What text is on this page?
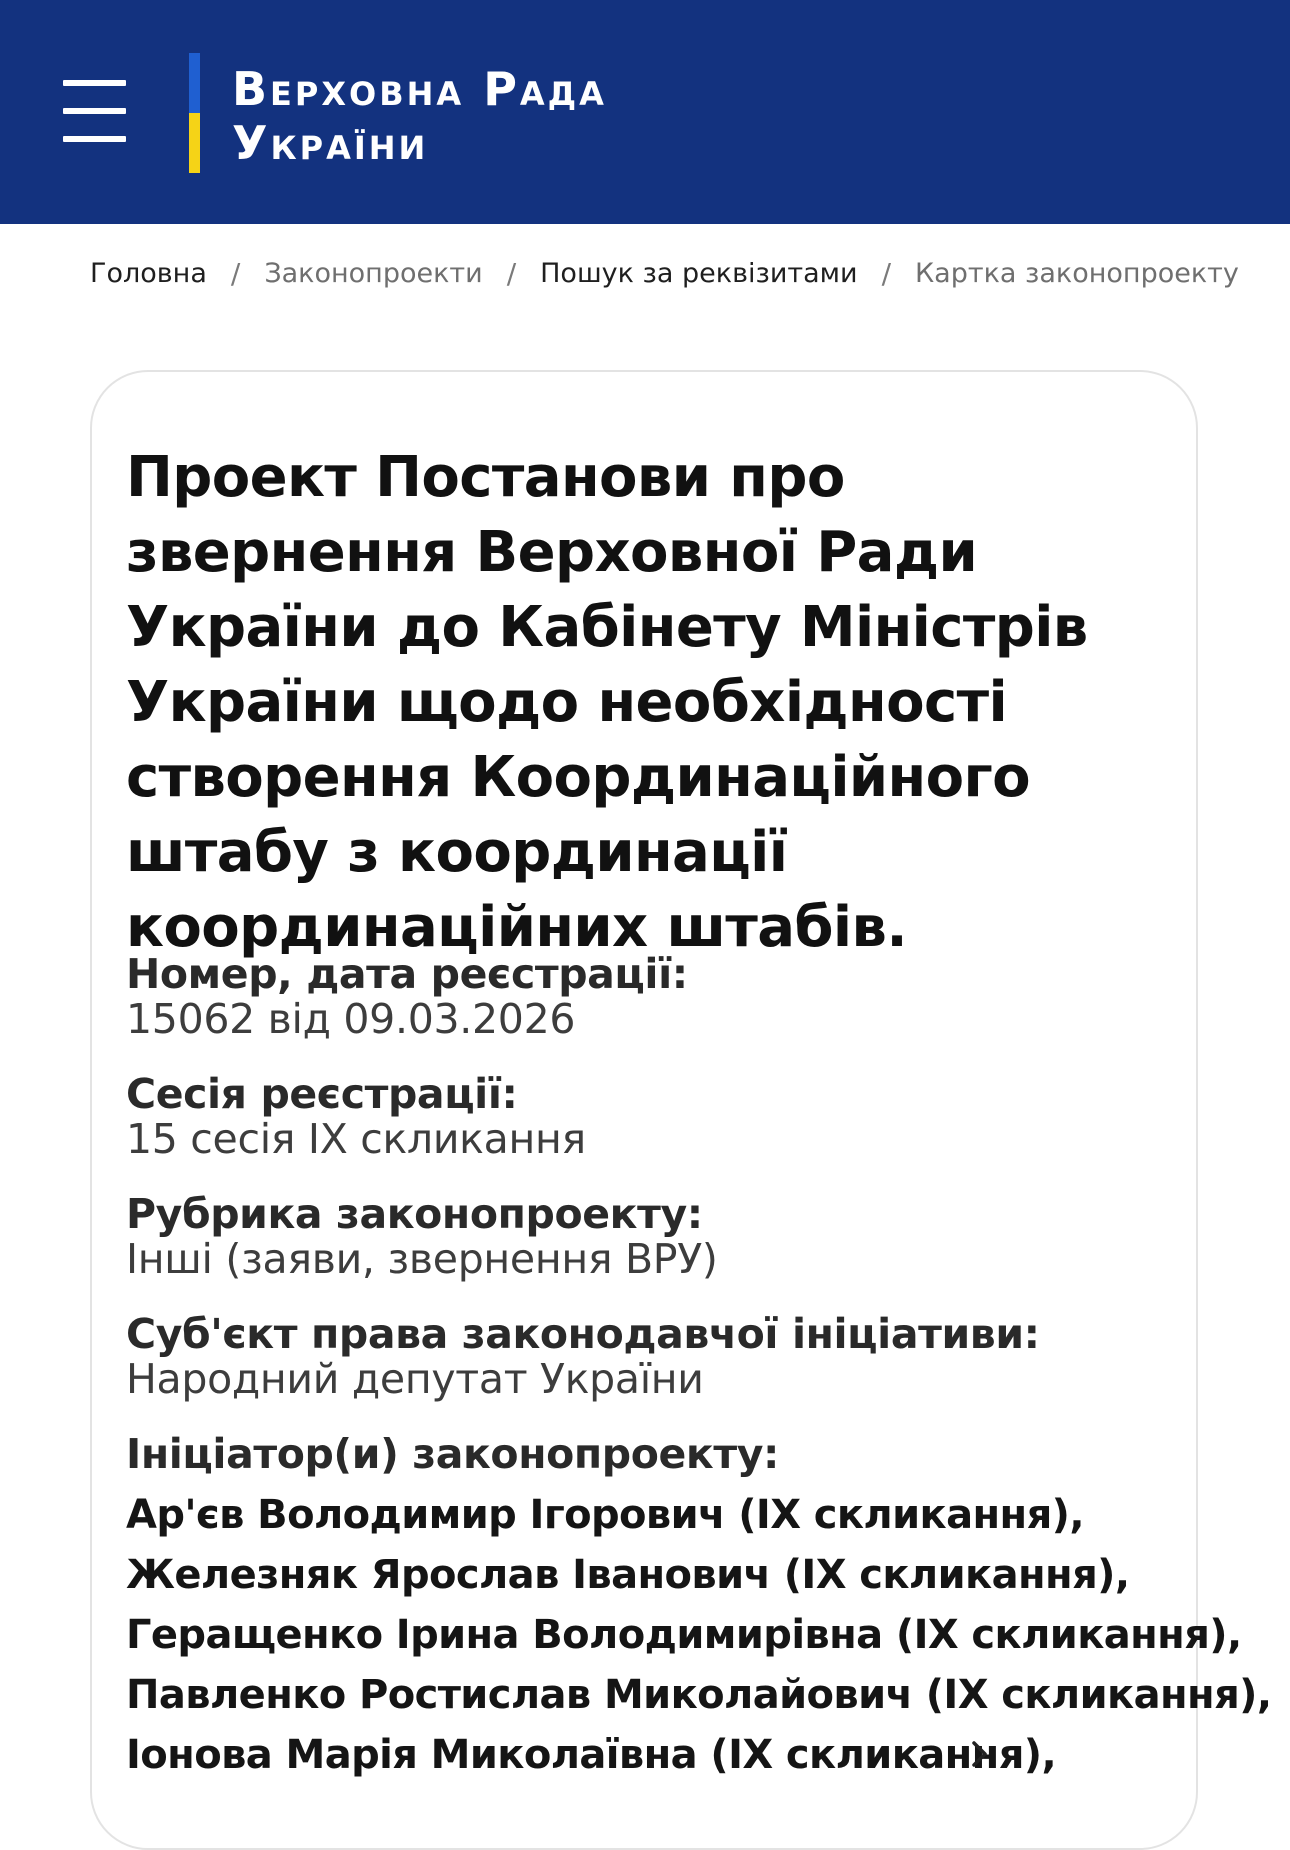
Верховна Рада
України
Головна / Законопроекти / Пошук за реквізитами / Картка законопроекту
Проект Постанови про звернення Верховної Ради України до Кабінету Міністрів України щодо необхідності створення Координаційного штабу з координації координаційних штабів.
Номер, дата реєстрації:
15062 від 09.03.2026
Сесія реєстрації:
15 сесія IX скликання
Рубрика законопроекту:
Інші (заяви, звернення ВРУ)
Суб'єкт права законодавчої ініціативи:
Народний депутат України
Ініціатор(и) законопроекту:
Ар'єв Володимир Ігорович (IX скликання),
Железняк Ярослав Іванович (IX скликання),
Геращенко Ірина Володимирівна (IX скликання),
Павленко Ростислав Миколайович (IX скликання),
Іонова Марія Миколаївна (IX скликання),
